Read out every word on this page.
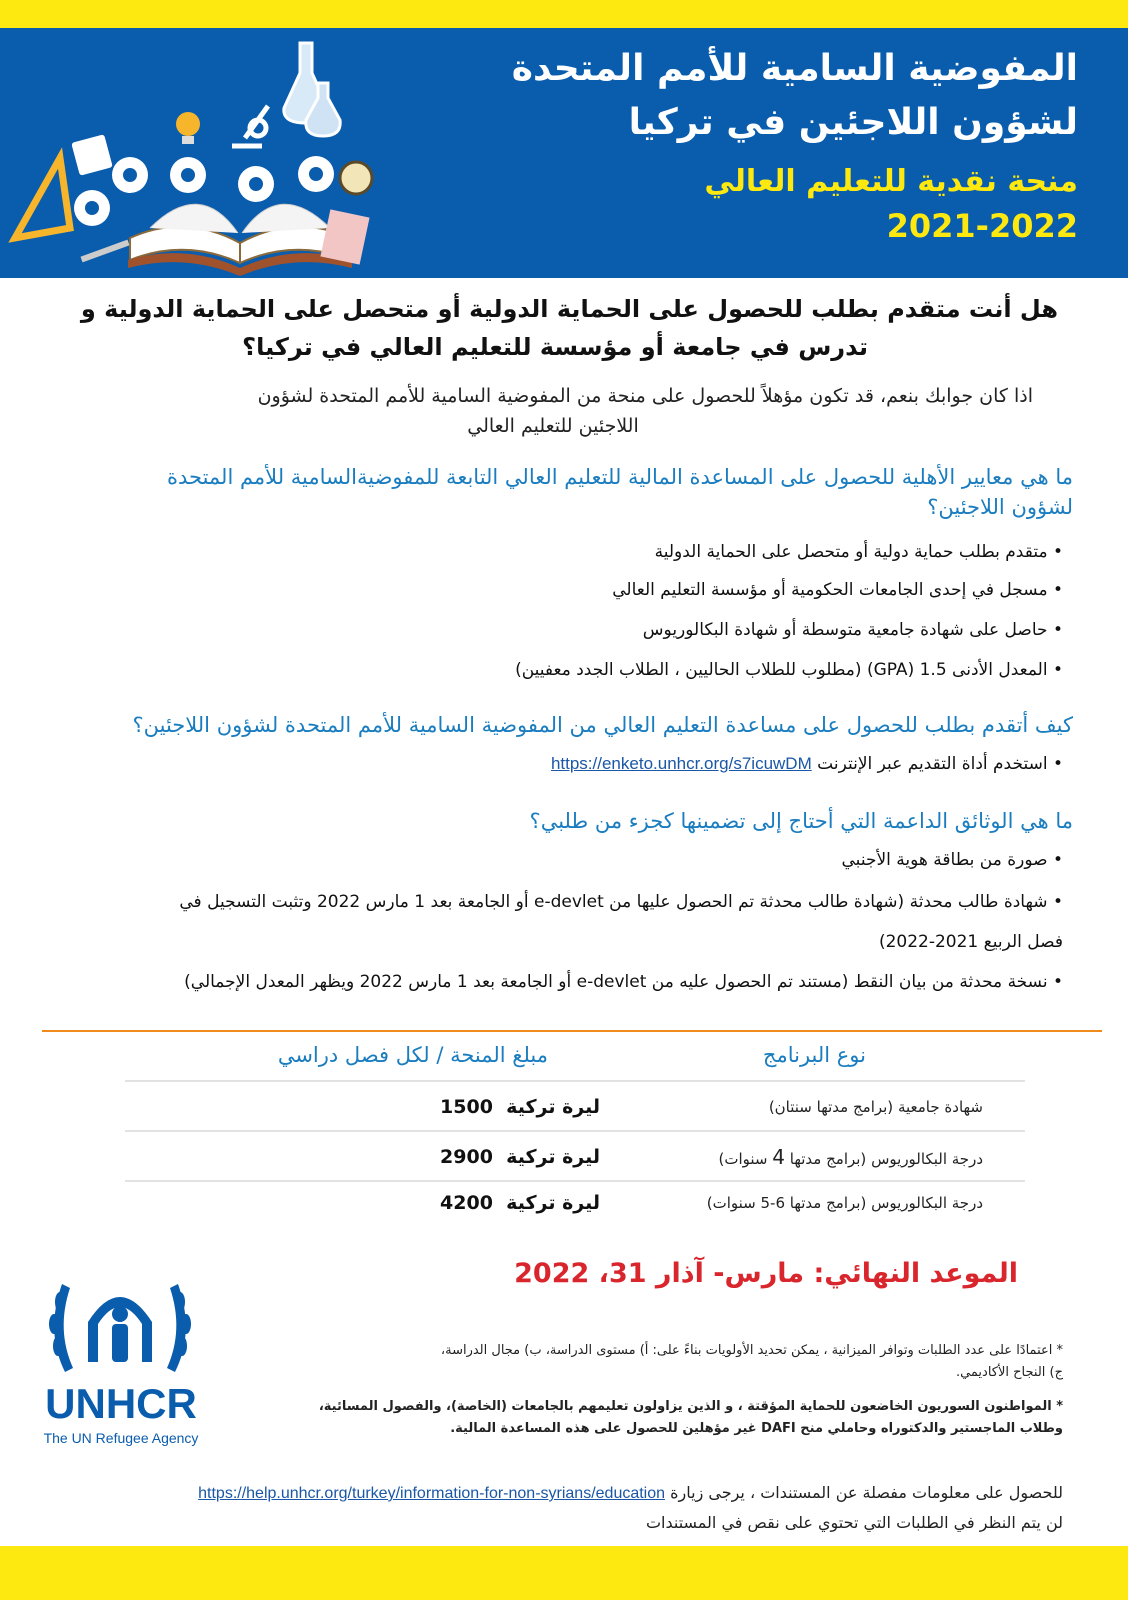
المفوضية السامية للأمم المتحدة
لشؤون اللاجئين في تركيا
منحة نقدية للتعليم العالي
2021-2022
هل أنت متقدم بطلب للحصول على الحماية الدولية أو متحصل على الحماية الدولية و
تدرس في جامعة أو مؤسسة للتعليم العالي في تركيا؟
اذا كان جوابك بنعم، قد تكون مؤهلاً للحصول على منحة من المفوضية السامية للأمم المتحدة لشؤون
اللاجئين للتعليم العالي
ما هي معايير الأهلية للحصول على المساعدة المالية للتعليم العالي التابعة للمفوضيةالسامية للأمم المتحدة
لشؤون اللاجئين؟
• متقدم بطلب حماية دولية أو متحصل على الحماية الدولية
• مسجل في إحدى الجامعات الحكومية أو مؤسسة التعليم العالي
• حاصل على شهادة جامعية متوسطة أو شهادة البكالوريوس
• المعدل الأدنى 1.5 (GPA) (مطلوب للطلاب الحاليين ، الطلاب الجدد معفيين)
كيف أتقدم بطلب للحصول على مساعدة التعليم العالي من المفوضية السامية للأمم المتحدة لشؤون اللاجئين؟
• استخدم أداة التقديم عبر الإنترنت https://enketo.unhcr.org/s7icuwDM
ما هي الوثائق الداعمة التي أحتاج إلى تضمينها كجزء من طلبي؟
• صورة من بطاقة هوية الأجنبي
• شهادة طالب محدثة (شهادة طالب محدثة تم الحصول عليها من e-devlet أو الجامعة بعد 1 مارس 2022 وتثبت التسجيل في
فصل الربيع 2021-2022)
• نسخة محدثة من بيان النقط (مستند تم الحصول عليه من e-devlet أو الجامعة بعد 1 مارس 2022 ويظهر المعدل الإجمالي)
نوع البرنامج
مبلغ المنحة / لكل فصل دراسي
شهادة جامعية (برامج مدتها سنتان)
ليرة تركية  1500
درجة البكالوريوس (برامج مدتها 4 سنوات)
ليرة تركية  2900
درجة البكالوريوس (برامج مدتها 6-5 سنوات)
ليرة تركية  4200
الموعد النهائي: مارس- آذار 31، 2022
UNHCR
The UN Refugee Agency
* اعتمادًا على عدد الطلبات وتوافر الميزانية ، يمكن تحديد الأولويات بناءً على: أ) مستوى الدراسة، ب) مجال الدراسة،
ج) النجاح الأكاديمي.
* المواطنون السوريون الخاضعون للحماية المؤقتة ، و الذين يزاولون تعليمهم بالجامعات (الخاصة)، والفصول المسائية،
وطلاب الماجستير والدكتوراه وحاملي منح DAFI غير مؤهلين للحصول على هذه المساعدة المالية.
للحصول على معلومات مفصلة عن المستندات ، يرجى زيارة https://help.unhcr.org/turkey/information-for-non-syrians/education
لن يتم النظر في الطلبات التي تحتوي على نقص في المستندات
